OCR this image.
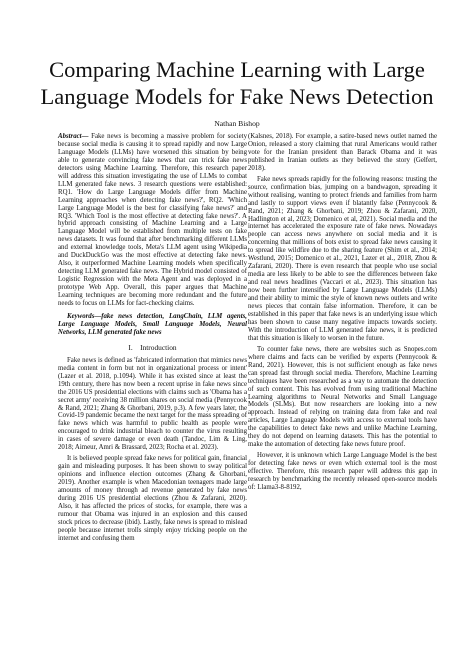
Comparing Machine Learning with Large Language Models for Fake News Detection
Nathan Bishop

Abstract— Fake news is becoming a massive problem for society because social media is causing it to spread rapidly and now Large Language Models (LLMs) have worsened this situation by being able to generate convincing fake news that can trick fake news detectors using Machine Learning. Therefore, this research paper will address this situation investigating the use of LLMs to combat LLM generated fake news. 3 research questions were established: RQ1. 'How do Large Language Models differ from Machine Learning approaches when detecting fake news?', RQ2. 'Which Large Language Model is the best for classifying fake news?' and RQ3. 'Which Tool is the most effective at detecting fake news?'. A hybrid approach consisting of Machine Learning and a Large Language Model will be established from multiple tests on fake news datasets. It was found that after benchmarking different LLMs and external knowledge tools, Meta's LLM agent using Wikipedia and DuckDuckGo was the most effective at detecting fake news. Also, it outperformed Machine Learning models when specifically detecting LLM generated fake news. The Hybrid model consisted of Logistic Regression with the Meta Agent and was deployed in a prototype Web App. Overall, this paper argues that Machine Learning techniques are becoming more redundant and the future needs to focus on LLMs for fact-checking claims.

Keywords—fake news detection, LangChain, LLM agents, Large Language Models, Small Language Models, Neural Networks, LLM generated fake news

I. Introduction

Fake news is defined as 'fabricated information that mimics news media content in form but not in organizational process or intent' (Lazer et al. 2018, p.1094). While it has existed since at least the 19th century, there has now been a recent uprise in fake news since the 2016 US presidential elections with claims such as 'Obama has a secret army' receiving 38 million shares on social media (Pennycook & Rand, 2021; Zhang & Ghorbani, 2019, p.3). A few years later, the Covid-19 pandemic became the next target for the mass spreading of fake news which was harmful to public health as people were encouraged to drink industrial bleach to counter the virus resulting in cases of severe damage or even death (Tandoc, Lim & Ling, 2018; Aimeur, Amri & Brassard, 2023; Rocha et al. 2023).

It is believed people spread fake news for political gain, financial gain and misleading purposes. It has been shown to sway political opinions and influence election outcomes (Zhang & Ghorbani, 2019). Another example is when Macedonian teenagers made large amounts of money through ad revenue generated by fake news during 2016 US presidential elections (Zhou & Zafarani, 2020). Also, it has affected the prices of stocks, for example, there was a rumour that Obama was injured in an explosion and this caused stock prices to decrease (ibid). Lastly, fake news is spread to mislead people because internet trolls simply enjoy tricking people on the internet and confusing them

(Kalsnes, 2018). For example, a satire-based news outlet named the Onion, released a story claiming that rural Americans would rather vote for the Iranian president than Barack Obama and it was published in Iranian outlets as they believed the story (Gelfert, 2018).

Fake news spreads rapidly for the following reasons: trusting the source, confirmation bias, jumping on a bandwagon, spreading it without realising, wanting to protect friends and families from harm and lastly to support views even if blatantly false (Pennycook & Rand, 2021; Zhang & Ghorbani, 2019; Zhou & Zafarani, 2020, Hadlington et al, 2023; Domenico et al, 2021). Social media and the internet has accelerated the exposure rate of fake news. Nowadays people can access news anywhere on social media and it is concerning that millions of bots exist to spread fake news causing it to spread like wildfire due to the sharing feature (Shim et al., 2014; Westlund, 2015; Domenico et al., 2021, Lazer et al., 2018, Zhou & Zafarani, 2020). There is even research that people who use social media are less likely to be able to see the differences between fake and real news headlines (Vaccari et al., 2023). This situation has now been further intensified by Large Language Models (LLMs) and their ability to mimic the style of known news outlets and write news pieces that contain false information. Therefore, it can be established in this paper that fake news is an underlying issue which has been shown to cause many negative impacts towards society. With the introduction of LLM generated fake news, it is predicted that this situation is likely to worsen in the future.

To counter fake news, there are websites such as Snopes.com where claims and facts can be verified by experts (Pennycook & Rand, 2021). However, this is not sufficient enough as fake news can spread fast through social media. Therefore, Machine Learning techniques have been researched as a way to automate the detection of such content. This has evolved from using traditional Machine Learning algorithms to Neural Networks and Small Language Models (SLMs). But now researchers are looking into a new approach. Instead of relying on training data from fake and real articles, Large Language Models with access to external tools have the capabilities to detect fake news and unlike Machine Learning, they do not depend on learning datasets. This has the potential to make the automation of detecting fake news future proof.

However, it is unknown which Large Language Model is the best for detecting fake news or even which external tool is the most effective. Therefore, this research paper will address this gap in research by benchmarking the recently released open-source models of: Llama3-8-8192,
